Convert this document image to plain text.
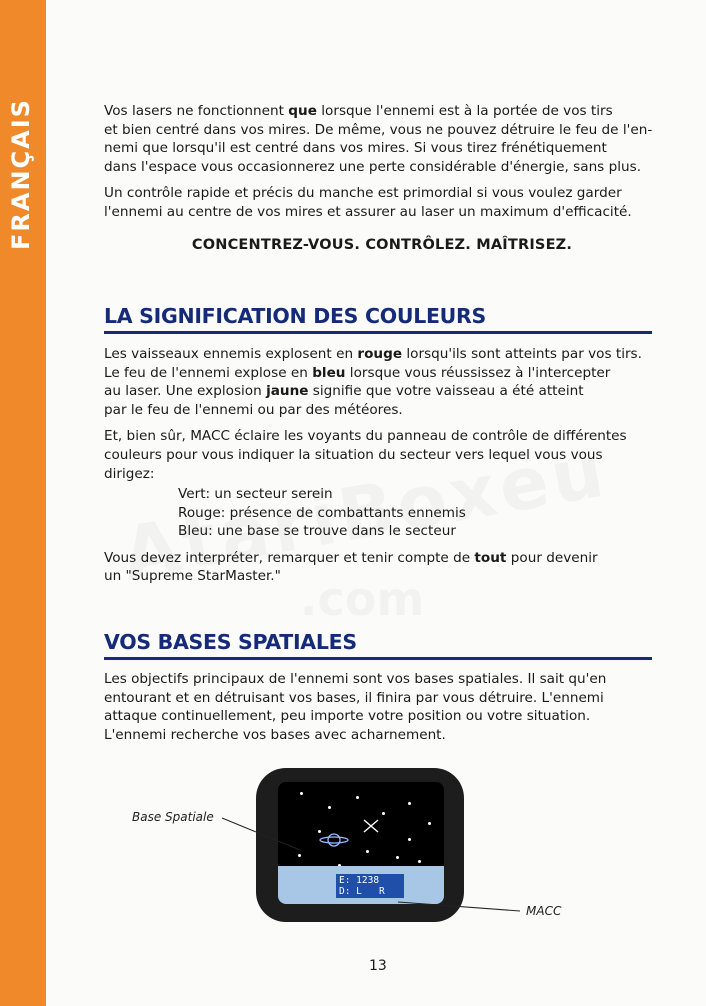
FRANÇAIS	Vos lasers ne fonctionnent que lorsque l'ennemi est à la portée de vos tirs
et bien centré dans vos mires. De même, vous ne pouvez détruire le feu de l'en-
nemi que lorsqu'il est centré dans vos mires. Si vous tirez frénétiquement
dans l'espace vous occasionnerez une perte considérable d'énergie, sans plus.

Un contrôle rapide et précis du manche est primordial si vous voulez garder
l'ennemi au centre de vos mires et assurer au laser un maximum d'efficacité.

CONCENTREZ-VOUS. CONTRÔLEZ. MAÎTRISEZ.

LA SIGNIFICATION DES COULEURS

Les vaisseaux ennemis explosent en rouge lorsqu'ils sont atteints par vos tirs.
Le feu de l'ennemi explose en bleu lorsque vous réussissez à l'intercepter
au laser. Une explosion jaune signifie que votre vaisseau a été atteint
par le feu de l'ennemi ou par des météores.

Et, bien sûr, MACC éclaire les voyants du panneau de contrôle de différentes
couleurs pour vous indiquer la situation du secteur vers lequel vous vous
dirigez:

Vert: un secteur serein

Rouge: présence de combattants ennemis

Bleu: une base se trouve dans le secteur

Vous devez interpréter, remarquer et tenir compte de tout pour devenir
un "Supreme StarMaster."

VOS BASES SPATIALES

Les objectifs principaux de l'ennemi sont vos bases spatiales. Il sait qu'en
entourant et en détruisant vos bases, il finira par vous détruire. L'ennemi
attaque continuellement, peu importe votre position ou votre situation.
L'ennemi recherche vos bases avec acharnement.

E: 1238
D: L   R
Base Spatiale
MACC
13
